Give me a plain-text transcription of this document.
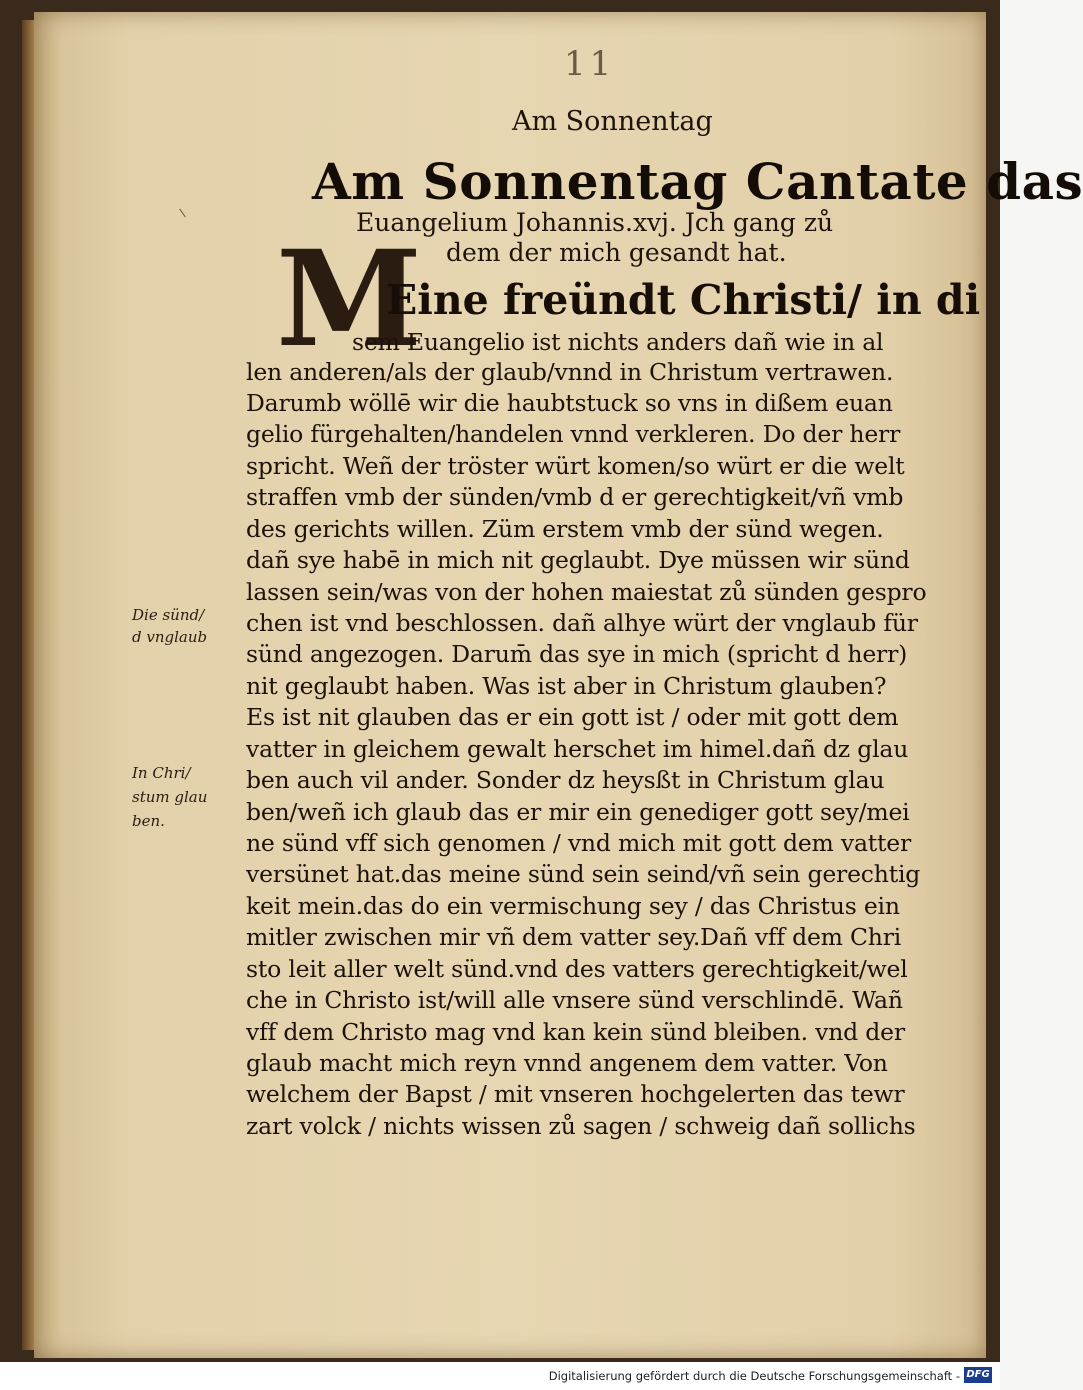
11
Am Sonnentag
Am Sonnentag Cantate das
Euangelium Johannis.xvj. Jch gang zů
dem der mich gesandt hat.
M
Eine freündt Christi/ in di
sem Euangelio ist nichts anders dañ wie in al
len anderen/als der glaub/vnnd in Christum vertrawen.
Darumb wöllē wir die haubtstuck so vns in dißem euan
gelio fürgehalten/handelen vnnd verkleren. Do der herr
spricht. Weñ der tröster würt komen/so würt er die welt
straffen vmb der sünden/vmb d er gerechtigkeit/vñ vmb
des gerichts willen. Züm erstem vmb der sünd wegen.
dañ sye habē in mich nit geglaubt. Dye müssen wir sünd
lassen sein/was von der hohen maiestat zů sünden gespro
chen ist vnd beschlossen. dañ alhye würt der vnglaub für
sünd angezogen. Darum̄ das sye in mich (spricht d herr)
nit geglaubt haben. Was ist aber in Christum glauben?
Es ist nit glauben das er ein gott ist / oder mit gott dem
vatter in gleichem gewalt herschet im himel.dañ dz glau
ben auch vil ander. Sonder dz heysßt in Christum glau
ben/weñ ich glaub das er mir ein genediger gott sey/mei
ne sünd vff sich genomen / vnd mich mit gott dem vatter
versünet hat.das meine sünd sein seind/vñ sein gerechtig
keit mein.das do ein vermischung sey / das Christus ein
mitler zwischen mir vñ dem vatter sey.Dañ vff dem Chri
sto leit aller welt sünd.vnd des vatters gerechtigkeit/wel
che in Christo ist/will alle vnsere sünd verschlindē. Wañ
vff dem Christo mag vnd kan kein sünd bleiben. vnd der
glaub macht mich reyn vnnd angenem dem vatter. Von
welchem der Bapst / mit vnseren hochgelerten das tewr
zart volck / nichts wissen zů sagen / schweig dañ sollichs
Die sünd/
d vnglaub
In Chri/
stum glau
ben.
Digitalisierung gefördert durch die Deutsche Forschungsgemeinschaft - DFG
